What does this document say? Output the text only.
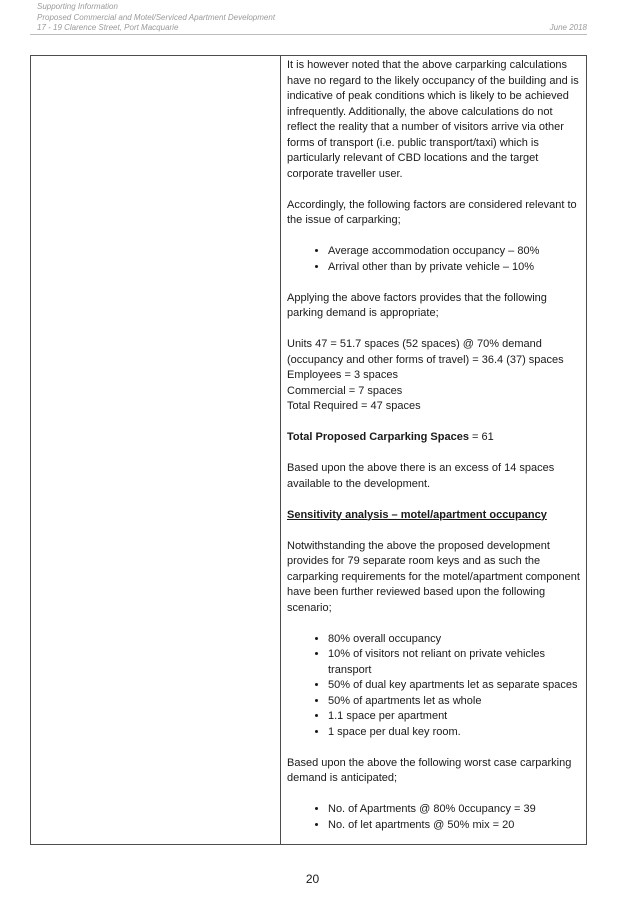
Supporting Information
Proposed Commercial and Motel/Serviced Apartment Development
17 - 19 Clarence Street, Port Macquarie	June 2018

It is however noted that the above carparking calculations have no regard to the likely occupancy of the building and is indicative of peak conditions which is likely to be achieved infrequently. Additionally, the above calculations do not reflect the reality that a number of visitors arrive via other forms of transport (i.e. public transport/taxi) which is particularly relevant of CBD locations and the target corporate traveller user.

Accordingly, the following factors are considered relevant to the issue of carparking;

• Average accommodation occupancy – 80%
• Arrival other than by private vehicle – 10%

Applying the above factors provides that the following parking demand is appropriate;

Units 47 = 51.7 spaces (52 spaces) @ 70% demand (occupancy and other forms of travel) = 36.4 (37) spaces

Employees = 3 spaces

Commercial = 7 spaces

Total Required = 47 spaces

Total Proposed Carparking Spaces = 61

Based upon the above there is an excess of 14 spaces available to the development.

Sensitivity analysis – motel/apartment occupancy

Notwithstanding the above the proposed development provides for 79 separate room keys and as such the carparking requirements for the motel/apartment component have been further reviewed based upon the following scenario;

• 80% overall occupancy
• 10% of visitors not reliant on private vehicles transport
• 50% of dual key apartments let as separate spaces
• 50% of apartments let as whole
• 1.1 space per apartment
• 1 space per dual key room.

Based upon the above the following worst case carparking demand is anticipated;

• No. of Apartments @ 80% 0ccupancy = 39
• No. of let apartments @ 50% mix = 20
20
